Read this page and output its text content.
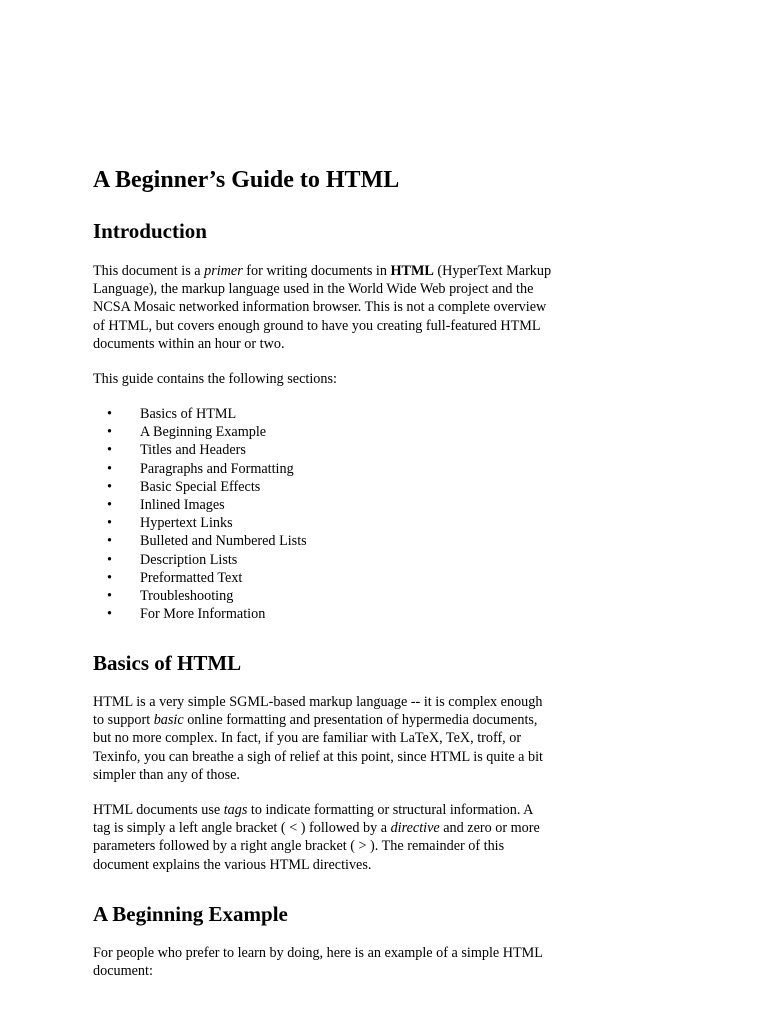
A Beginner’s Guide to HTML
Introduction

This document is a primer for writing documents in HTML (HyperText Markup
Language), the markup language used in the World Wide Web project and the
NCSA Mosaic networked information browser. This is not a complete overview
of HTML, but covers enough ground to have you creating full-featured HTML
documents within an hour or two.

This guide contains the following sections:

• Basics of HTML
• A Beginning Example
• Titles and Headers
• Paragraphs and Formatting
• Basic Special Effects
• Inlined Images
• Hypertext Links
• Bulleted and Numbered Lists
• Description Lists
• Preformatted Text
• Troubleshooting
• For More Information
Basics of HTML

HTML is a very simple SGML-based markup language -- it is complex enough
to support basic online formatting and presentation of hypermedia documents,
but no more complex. In fact, if you are familiar with LaTeX, TeX, troff, or
Texinfo, you can breathe a sigh of relief at this point, since HTML is quite a bit
simpler than any of those.

HTML documents use tags to indicate formatting or structural information. A
tag is simply a left angle bracket ( < ) followed by a directive and zero or more
parameters followed by a right angle bracket ( > ). The remainder of this
document explains the various HTML directives.

A Beginning Example

For people who prefer to learn by doing, here is an example of a simple HTML
document:
